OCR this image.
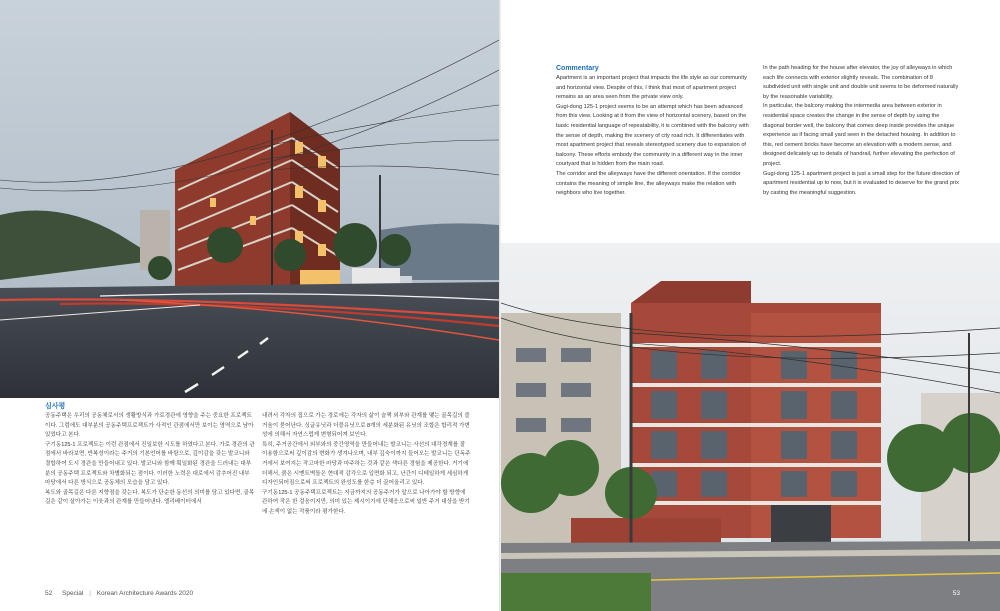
심사평

공동주택은 우리의 공동체로서의 생활방식과 가로경관에 영향을 주는 중요한 프로젝트이다. 그럼에도 대부분의 공동주택프로젝트가 사적인 관점에서만 보이는 영역으로 남아 있었다고 본다.

구기동125-1 프로젝트는 이런 관점에서 진일보한 시도를 하였다고 본다. 가로 경관의 관점에서 바라보면, 반복성이라는 주거의 기본언어를 바탕으로, 깊이감을 갖는 발코니와 결합하여 도시 경관을 만들어내고 있다. 발코니와 함께 획일화된 경관을 드러내는 대부분의 공동주택 프로젝트와 차별화되는 점이다. 이러한 노력은 대로에서 감추어진 내부마당에서 다른 방식으로 공동체의 모습을 담고 있다.

복도와 골목길은 다른 지향점을 갖는다. 복도가 단순한 동선의 의미를 담고 있다면, 골목길은 같이 살아가는 이웃과의 관계를 만들어낸다. 엘리베이터에서

내려서 각자의 집으로 가는 경로에는 각자의 삶이 슬쩍 외부와 관계를 맺는 골목길의 즐거움이 묻어난다. 싱글유닛과 더블유닛으로 8개의 세분화된 유닛의 조합은 합리적 가변성에 의해서 자연스럽게 변형되어져 보인다.

특히, 주거공간에서 외부와의 중간영역을 만들어내는 발코니는 사선의 대각경계를 잘 이용함으로써 깊이감의 변화가 생겨나오며, 내부 깊숙이까지 들어오는 발코니는 단독주거에서 보여지는 작고마한 마당과 마주하는 것과 같은 색다른 경험을 제공한다. 거기에 더해서, 붉은 시멘트벽돌은 현대적 감각으로 입면화 되고, 난간이 디테일하게 세심하게 디자인되어짐으로써 프로젝트의 완성도를 한층 더 끌어올리고 있다.

구기동125-1 공동주택프로젝트는 지금까지의 공동주거가 앞으로 나아가야 할 방향에 관하여 작은 한 걸음이지만, 의미 있는 제시이기에 단체응으로써 일반 주거 대상을 받기에 손색이 없는 작품이라 평가한다.

52 Special | Korean Architecture Awards 2020
Commentary

Apartment is an important project that impacts the life style as our community and horizontal view. Despite of this, I think that most of apartment project remains as an area seen from the private view only.

Gugi-dong 125-1 project seems to be an attempt which has been advanced from this view. Looking at it from the view of horizontal scenery, based on the basic residential language of repeatability, it is combined with the balcony with the sense of depth, making the scenery of city road rich. It differentiates with most apartment project that reveals stereotyped scenery due to expansion of balcony. These efforts embody the community in a different way in the inner courtyard that is hidden from the main road.

The corridor and the alleyways have the different orientation. If the corridor contains the meaning of simple line, the alleyways make the relation with neighbors who live together.

In the path heading for the house after elevator, the joy of alleyways in which each life connects with exterior slightly reveals. The combination of 8 subdivided unit with single unit and double unit seems to be deformed naturally by the reasonable variability.

In particular, the balcony making the intermedia area between exterior in residential space creates the change in the sense of depth by using the diagonal border well, the balcony that comes deep inside provides the unique experience as if facing small yard seen in the detached housing. In addition to this, red cement bricks have become an elevation with a modern sense, and designed delicately up to details of handrail, further elevating the perfection of project.

Gugi-dong 125-1 apartment project is just a small step for the future direction of apartment residential up to now, but it is evaluated to deserve for the grand prix by casting the meaningful suggestion.

53
